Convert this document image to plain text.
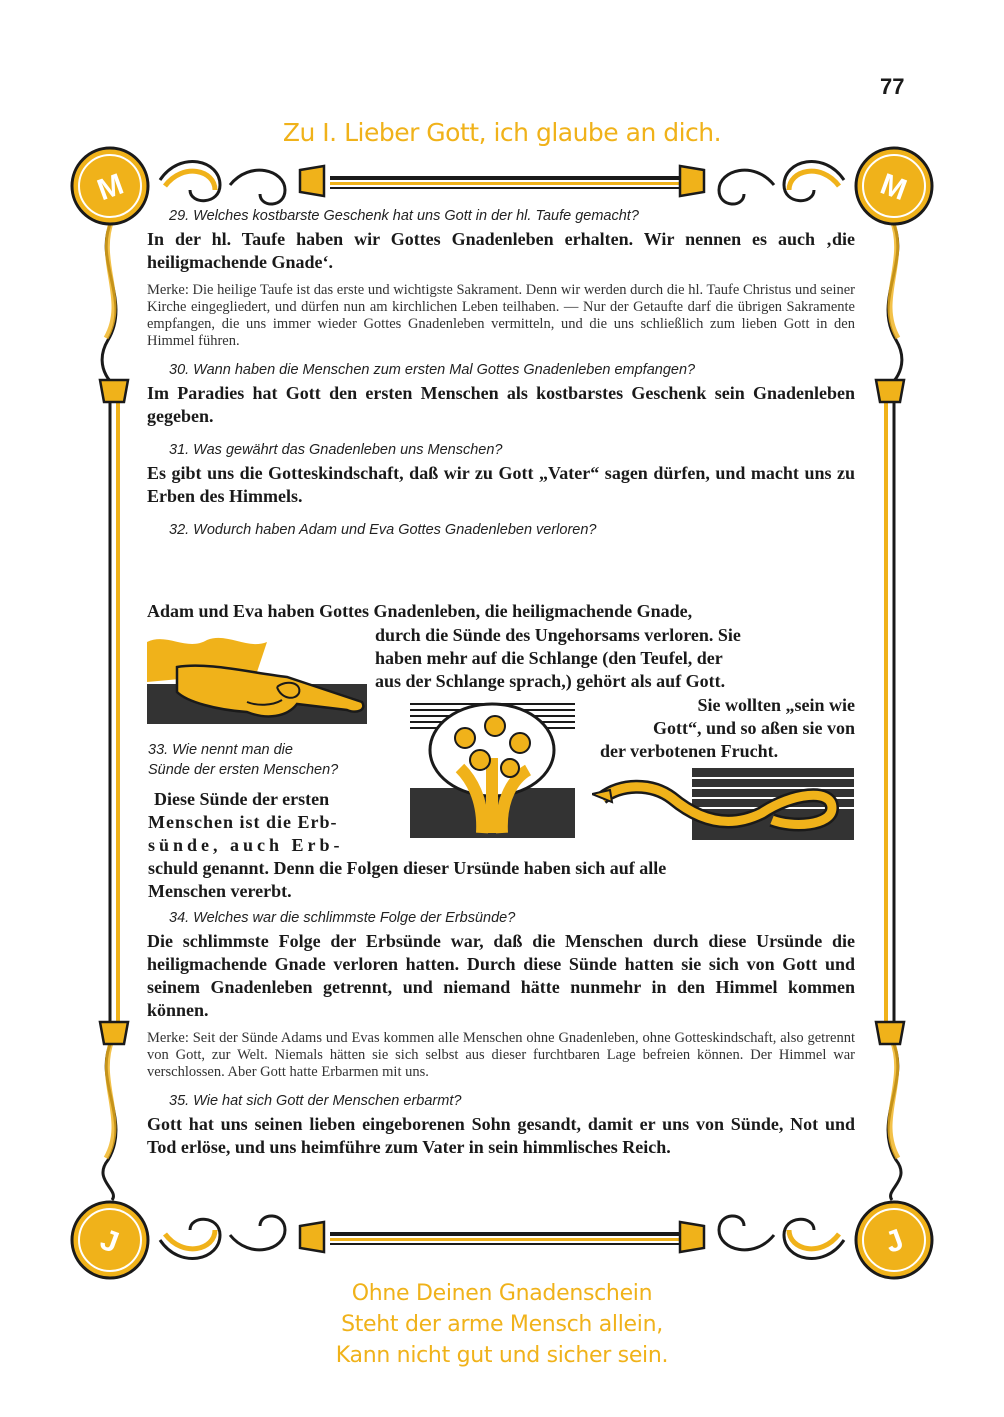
M	M
J	J
77
Zu I. Lieber Gott, ich glaube an dich.
29. Welches kostbarste Geschenk hat uns Gott in der hl. Taufe gemacht?

In der hl. Taufe haben wir Gottes Gnadenleben erhalten. Wir nennen es auch ‚die heiligmachende Gnade‘.

Merke: Die heilige Taufe ist das erste und wichtigste Sakrament. Denn wir werden durch die hl. Taufe Christus und seiner Kirche eingegliedert, und dürfen nun am kirchlichen Leben teilhaben. — Nur der Getaufte darf die übrigen Sakramente empfangen, die uns immer wieder Gottes Gnadenleben vermitteln, und die uns schließlich zum lieben Gott in den Himmel führen.

30. Wann haben die Menschen zum ersten Mal Gottes Gnadenleben empfangen?

Im Paradies hat Gott den ersten Menschen als kostbarstes Geschenk sein Gnadenleben gegeben.

31. Was gewährt das Gnadenleben uns Menschen?

Es gibt uns die Gotteskindschaft, daß wir zu Gott „Vater“ sagen dürfen, und macht uns zu Erben des Himmels.

32. Wodurch haben Adam und Eva Gottes Gnadenleben verloren?
Adam und Eva haben Gottes Gnadenleben, die heiligmachende Gnade,
durch die Sünde des Ungehorsams verloren. Sie
haben mehr auf die Schlange (den Teufel, der
aus der Schlange sprach,) gehört als auf Gott.
Sie wollten „sein wie
Gott“, und so aßen sie von
der verbotenen Frucht.
33. Wie nennt man die
Sünde der ersten Menschen?
Diese Sünde der ersten
Menschen ist die Erb-
sünde, auch Erb-
schuld genannt. Denn die Folgen dieser Ursünde haben sich auf alle
Menschen vererbt.
34. Welches war die schlimmste Folge der Erbsünde?

Die schlimmste Folge der Erbsünde war, daß die Menschen durch diese Ursünde die heiligmachende Gnade verloren hatten. Durch diese Sünde hatten sie sich von Gott und seinem Gnadenleben getrennt, und niemand hätte nunmehr in den Himmel kommen können.

Merke: Seit der Sünde Adams und Evas kommen alle Menschen ohne Gnadenleben, ohne Gotteskindschaft, also getrennt von Gott, zur Welt. Niemals hätten sie sich selbst aus dieser furchtbaren Lage befreien können. Der Himmel war verschlossen. Aber Gott hatte Erbarmen mit uns.

35. Wie hat sich Gott der Menschen erbarmt?

Gott hat uns seinen lieben eingeborenen Sohn gesandt, damit er uns von Sünde, Not und Tod erlöse, und uns heimführe zum Vater in sein himmlisches Reich.

Ohne Deinen Gnadenschein
Steht der arme Mensch allein,
Kann nicht gut und sicher sein.
